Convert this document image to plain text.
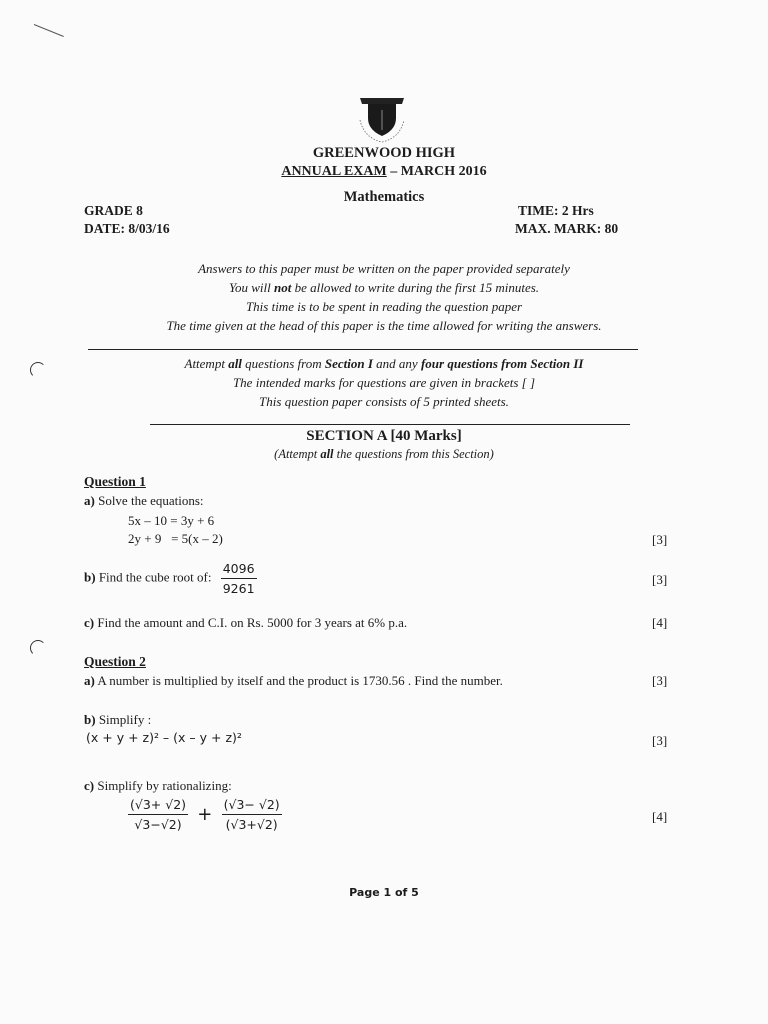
GREENWOOD HIGH
ANNUAL EXAM – MARCH 2016
Mathematics
GRADE 8
DATE: 8/03/16
TIME: 2 Hrs
MAX. MARK: 80
Answers to this paper must be written on the paper provided separately
You will not be allowed to write during the first 15 minutes.
This time is to be spent in reading the question paper
The time given at the head of this paper is the time allowed for writing the answers.
Attempt all questions from Section I and any four questions from Section II
The intended marks for questions are given in brackets [ ]
This question paper consists of 5 printed sheets.
SECTION A [40 Marks]
(Attempt all the questions from this Section)
Question 1
a) Solve the equations:
5x – 10 = 3y + 6
2y + 9   = 5(x – 2)	[3]
b) Find the cube root of: $\frac{4096}{9261}$	[3]
c) Find the amount and C.I. on Rs. 5000 for 3 years at 6% p.a.	[4]
Question 2
a) A number is multiplied by itself and the product is 1730.56 . Find the number.	[3]
b) Simplify :
(x + y + z)² – (x – y + z)²	[3]
c) Simplify by rationalizing:
$\frac{(√3+ √2)}{√3-√2)} + \frac{(√3- √2)}{(√3+√2)}$	[4]
Page 1 of 5
